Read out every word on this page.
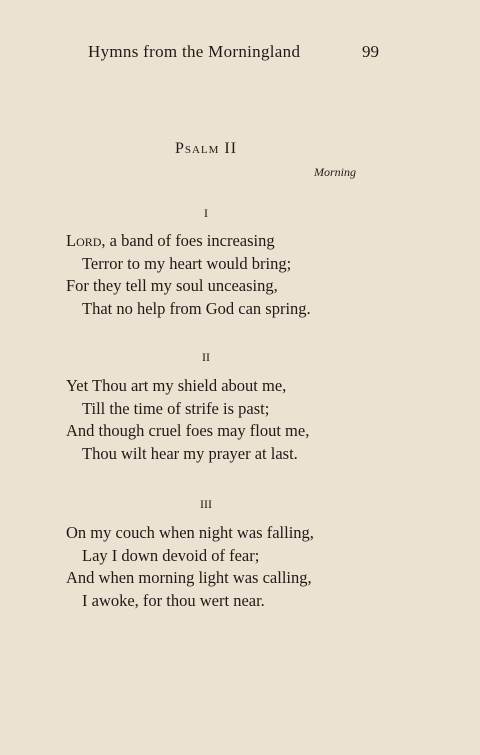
Hymns from the Morningland	99
Psalm II
Morning
I
Lord, a band of foes increasing
Terror to my heart would bring;
For they tell my soul unceasing,
That no help from God can spring.
II
Yet Thou art my shield about me,
Till the time of strife is past;
And though cruel foes may flout me,
Thou wilt hear my prayer at last.
III
On my couch when night was falling,
Lay I down devoid of fear;
And when morning light was calling,
I awoke, for thou wert near.
